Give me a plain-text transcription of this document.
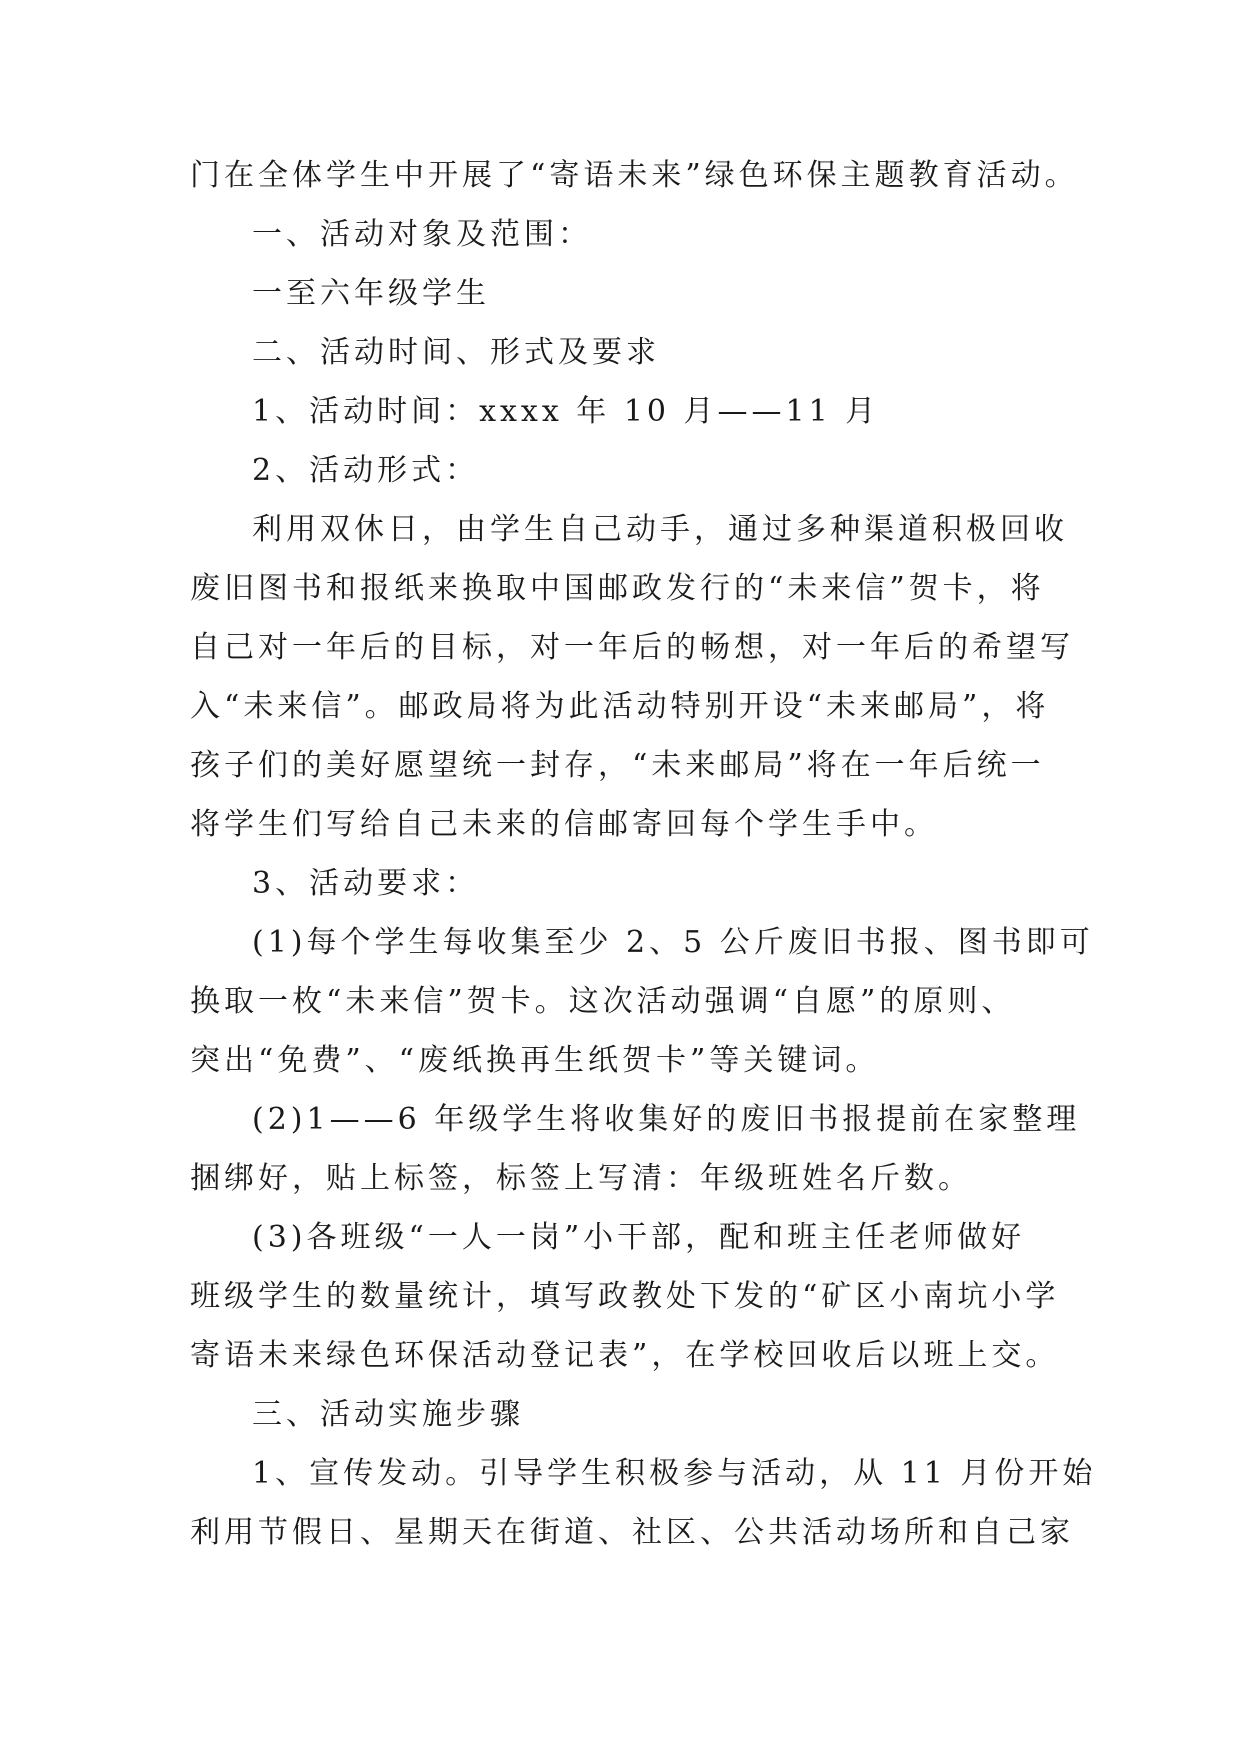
门在全体学生中开展了“寄语未来”绿色环保主题教育活动。
一、活动对象及范围：
一至六年级学生
二、活动时间、形式及要求
1、活动时间：xxxx 年 10 月——11 月
2、活动形式：
利用双休日，由学生自己动手，通过多种渠道积极回收
废旧图书和报纸来换取中国邮政发行的“未来信”贺卡，将
自己对一年后的目标，对一年后的畅想，对一年后的希望写
入“未来信”。邮政局将为此活动特别开设“未来邮局”，将
孩子们的美好愿望统一封存，“未来邮局”将在一年后统一
将学生们写给自己未来的信邮寄回每个学生手中。
3、活动要求：
(1)每个学生每收集至少 2、5 公斤废旧书报、图书即可
换取一枚“未来信”贺卡。这次活动强调“自愿”的原则、
突出“免费”、“废纸换再生纸贺卡”等关键词。
(2)1——6 年级学生将收集好的废旧书报提前在家整理
捆绑好，贴上标签，标签上写清：年级班姓名斤数。
(3)各班级“一人一岗”小干部，配和班主任老师做好
班级学生的数量统计，填写政教处下发的“矿区小南坑小学
寄语未来绿色环保活动登记表”，在学校回收后以班上交。
三、活动实施步骤
1、宣传发动。引导学生积极参与活动，从 11 月份开始
利用节假日、星期天在街道、社区、公共活动场所和自己家
